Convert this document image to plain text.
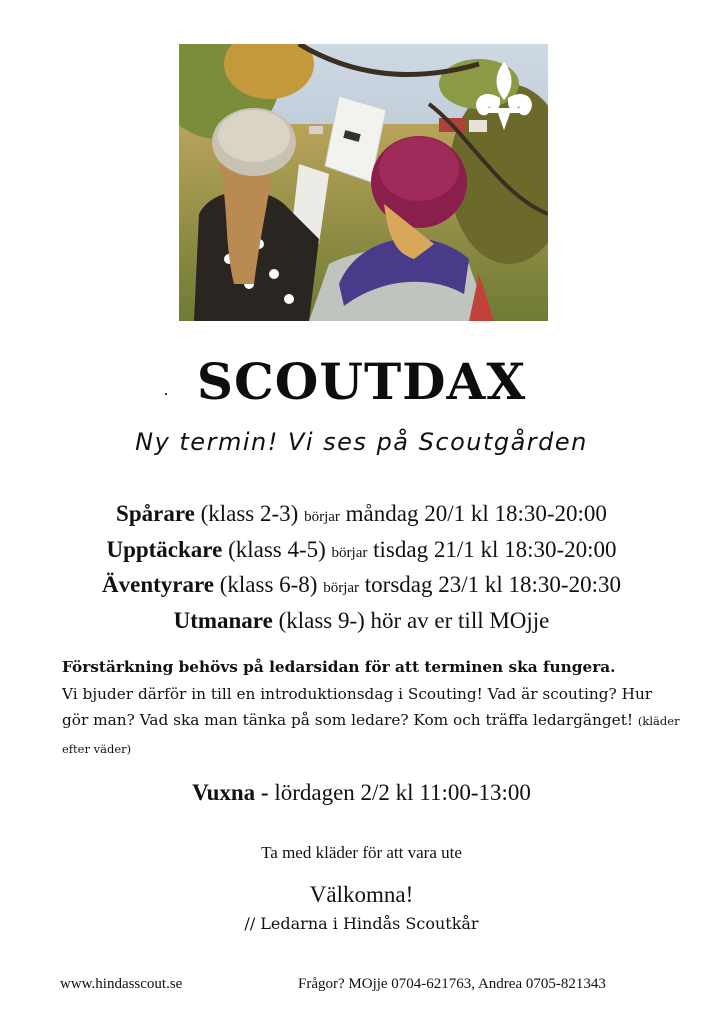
SCOUTDAX
Ny termin! Vi ses på Scoutgården
Spårare (klass 2-3) börjar måndag 20/1 kl 18:30-20:00
Upptäckare (klass 4-5) börjar tisdag 21/1 kl 18:30-20:00
Äventyrare (klass 6-8) börjar torsdag 23/1 kl 18:30-20:30
Utmanare (klass 9-) hör av er till MOjje
Förstärkning behövs på ledarsidan för att terminen ska fungera.
Vi bjuder därför in till en introduktionsdag i Scouting! Vad är scouting? Hur gör man? Vad ska man tänka på som ledare? Kom och träffa ledargänget! (kläder efter väder)
Vuxna - lördagen 2/2 kl 11:00-13:00
Ta med kläder för att vara ute
Välkomna!
// Ledarna i Hindås Scoutkår
www.hindasscout.se	Frågor? MOjje 0704-621763, Andrea 0705-821343
